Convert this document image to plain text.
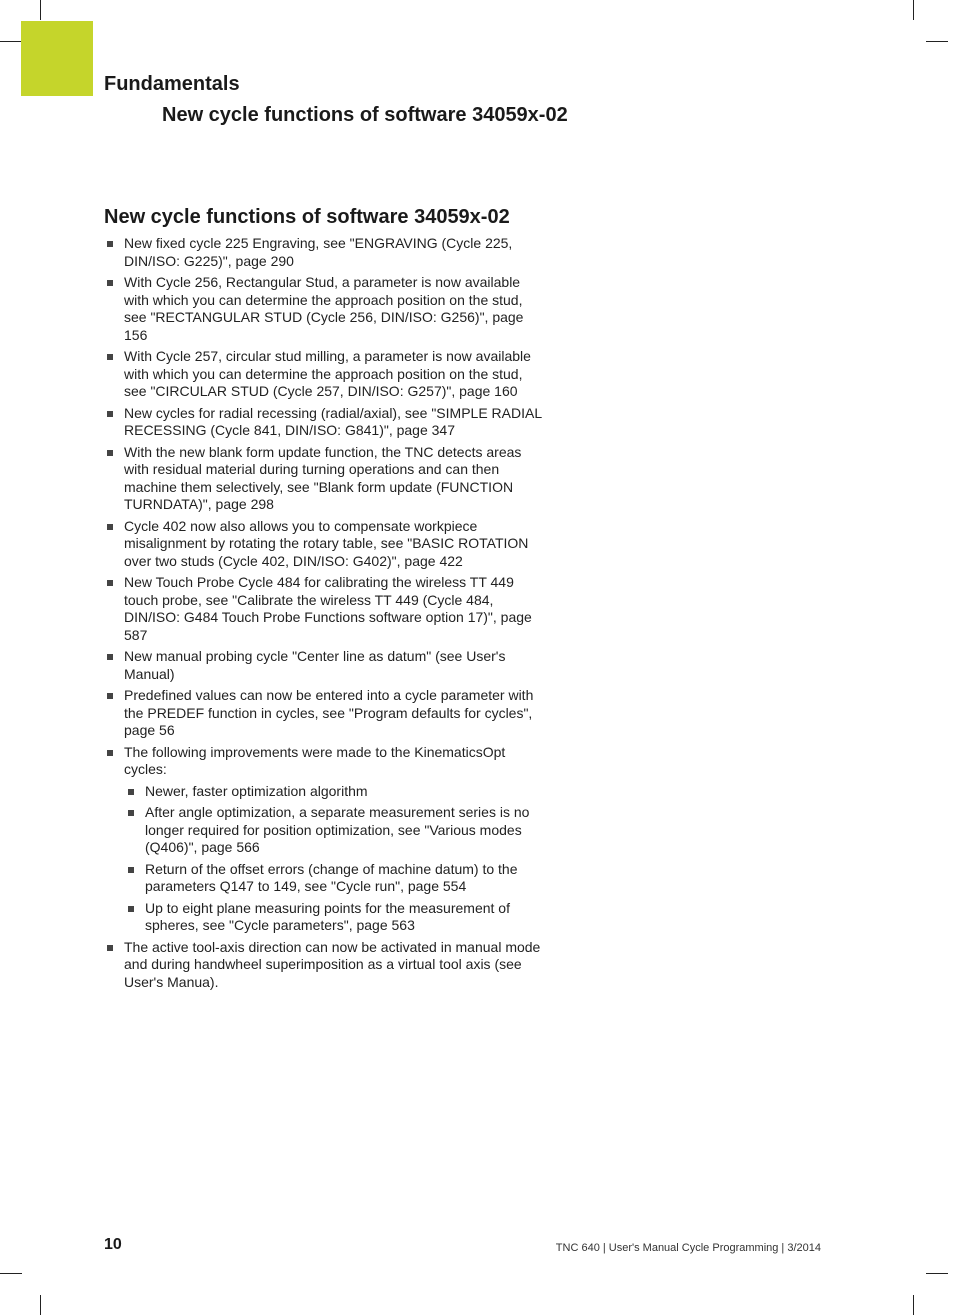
Fundamentals
New cycle functions of software 34059x-02
New cycle functions of software 34059x-02
New fixed cycle 225 Engraving, see "ENGRAVING (Cycle 225, DIN/ISO: G225)", page 290
With Cycle 256, Rectangular Stud, a parameter is now available with which you can determine the approach position on the stud, see "RECTANGULAR STUD (Cycle 256, DIN/ISO: G256)", page 156
With Cycle 257, circular stud milling, a parameter is now available with which you can determine the approach position on the stud, see "CIRCULAR STUD (Cycle 257, DIN/ISO: G257)", page 160
New cycles for radial recessing (radial/axial), see "SIMPLE RADIAL RECESSING (Cycle 841, DIN/ISO: G841)", page 347
With the new blank form update function, the TNC detects areas with residual material during turning operations and can then machine them selectively, see "Blank form update (FUNCTION TURNDATA)", page 298
Cycle 402 now also allows you to compensate workpiece misalignment by rotating the rotary table, see "BASIC ROTATION over two studs (Cycle 402, DIN/ISO: G402)", page 422
New Touch Probe Cycle 484 for calibrating the wireless TT 449 touch probe, see "Calibrate the wireless TT 449 (Cycle 484, DIN/ISO: G484 Touch Probe Functions software option 17)", page 587
New manual probing cycle "Center line as datum" (see User's Manual)
Predefined values can now be entered into a cycle parameter with the PREDEF function in cycles, see "Program defaults for cycles", page 56
The following improvements were made to the KinematicsOpt cycles:
Newer, faster optimization algorithm
After angle optimization, a separate measurement series is no longer required for position optimization, see "Various modes (Q406)", page 566
Return of the offset errors (change of machine datum) to the parameters Q147 to 149, see "Cycle run", page 554
Up to eight plane measuring points for the measurement of spheres, see "Cycle parameters", page 563
The active tool-axis direction can now be activated in manual mode and during handwheel superimposition as a virtual tool axis (see User's Manua).
10	TNC 640 | User's Manual Cycle Programming | 3/2014
